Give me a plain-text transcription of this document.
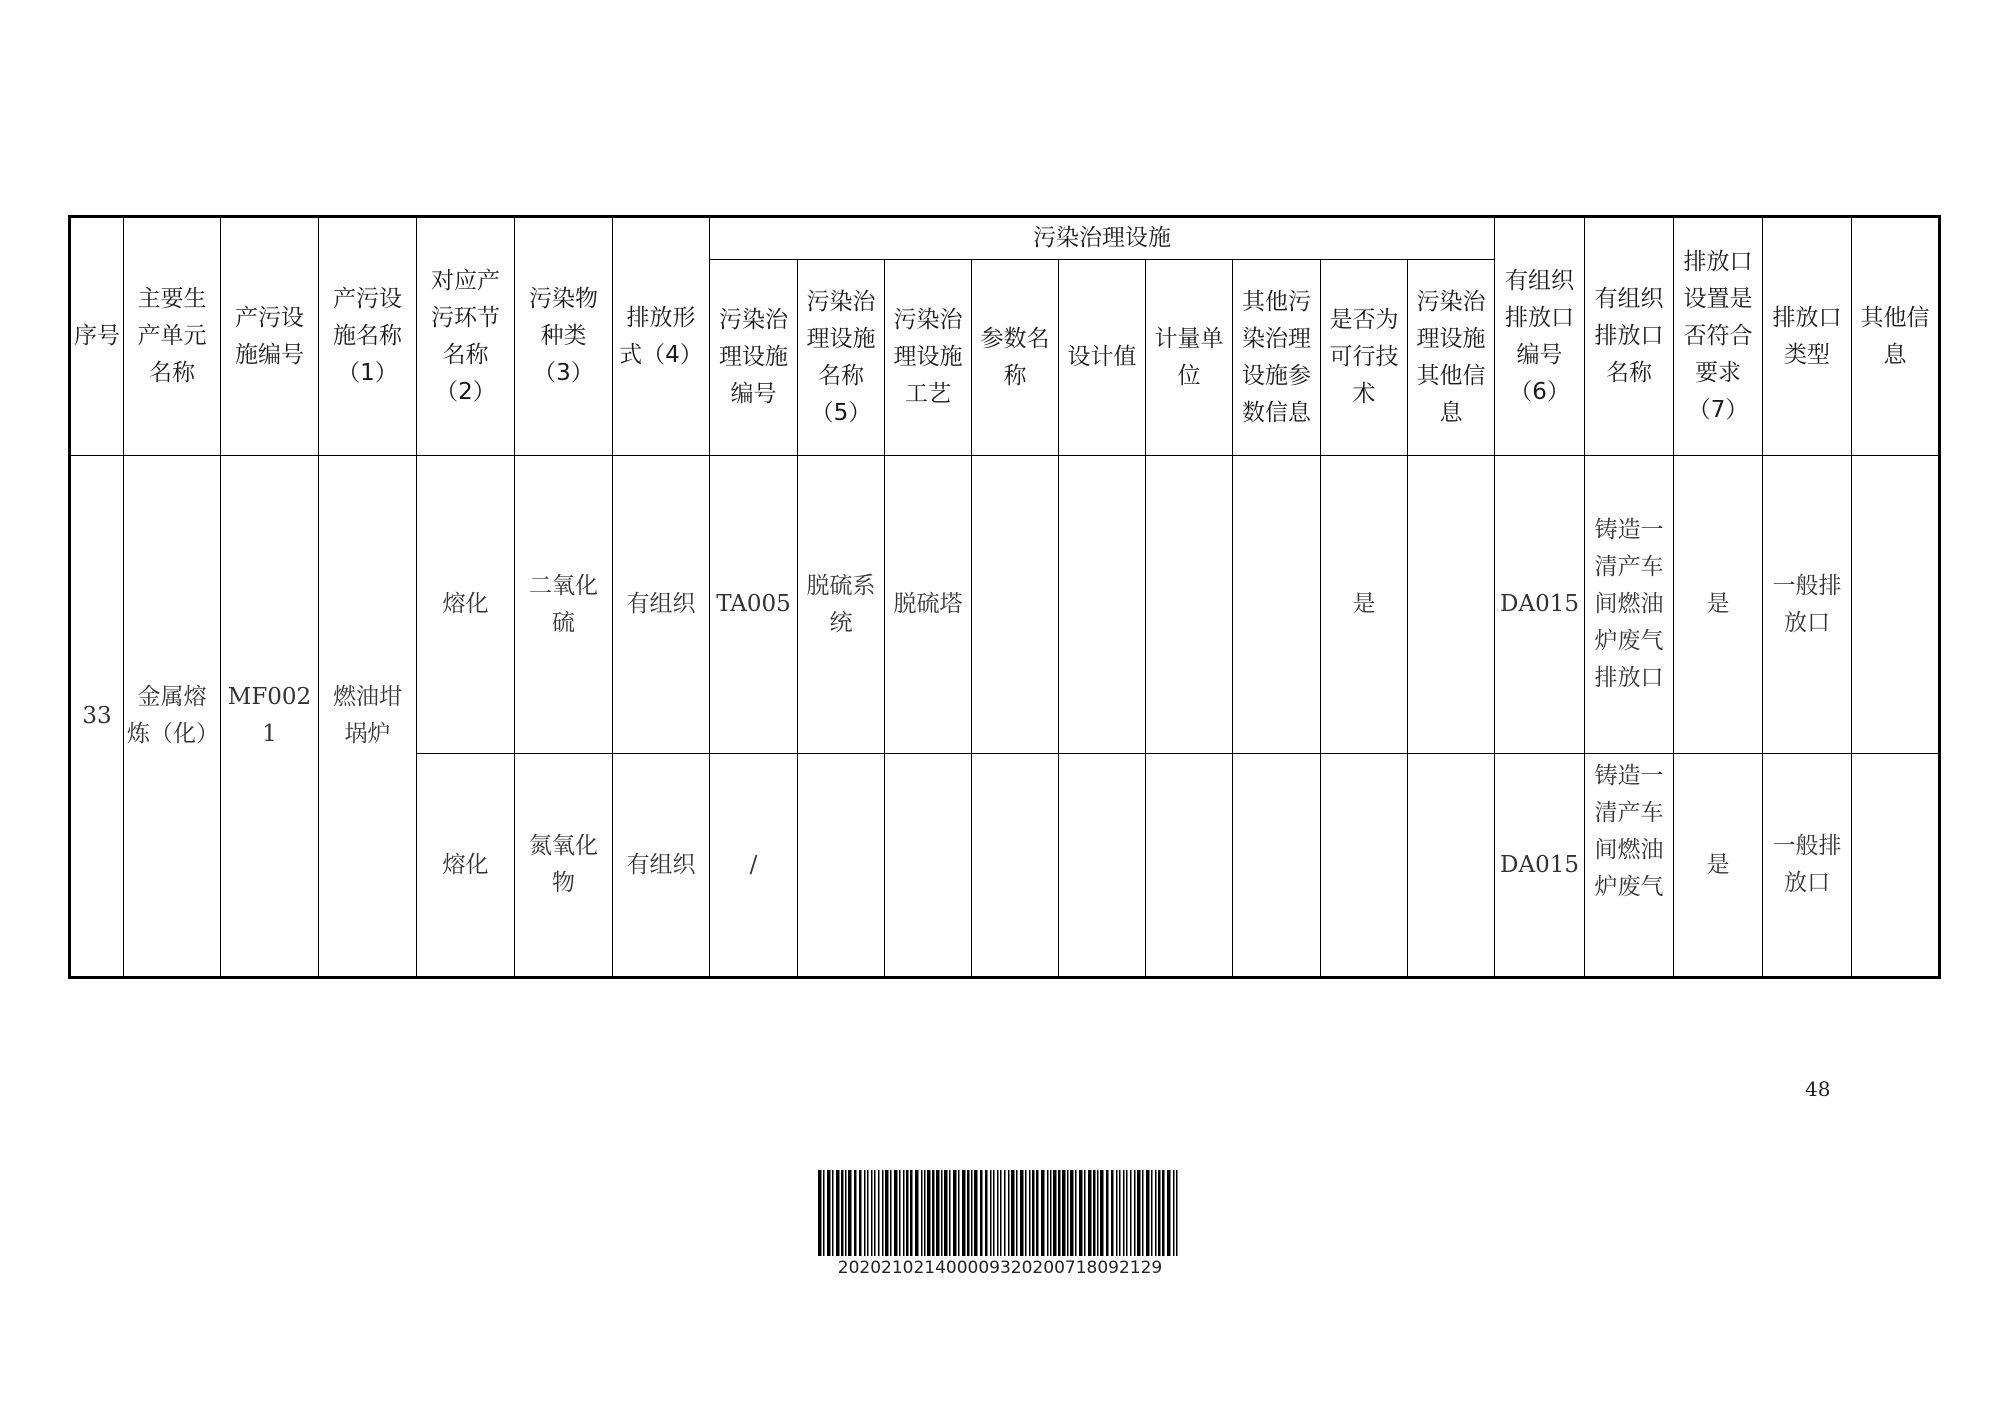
序号	主要生产单元名称	产污设施编号	产污设施名称（1）	对应产污环节名称（2）	污染物种类（3）	排放形式（4）	污染治理设施									有组织排放口编号（6）	有组织排放口名称	排放口设置是否符合要求（7）	排放口类型	其他信息
							污染治理设施编号	污染治理设施名称（5）	污染治理设施工艺	参数名称	设计值	计量单位	其他污染治理设施参数信息	是否为可行技术	污染治理设施其他信息					
33	金属熔炼（化）	MF0021	燃油坩埚炉	熔化	二氧化硫	有组织	TA005	脱硫系统	脱硫塔					是		DA015	铸造一清产车间燃油炉废气排放口	是	一般排放口	
				熔化	氮氧化物	有组织	/									DA015	铸造一清产车间燃油炉废气	是	一般排放口	
48
20202102140000932020071809212​9
